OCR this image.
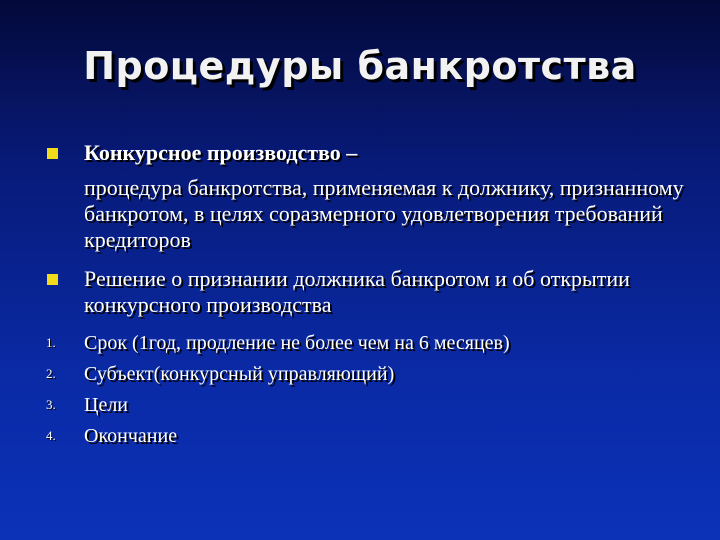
Процедуры банкротства
Конкурсное производство –
процедура банкротства, применяемая к должнику, признанному банкротом, в целях соразмерного удовлетворения требований кредиторов
Решение о признании должника банкротом и об открытии конкурсного производства
1. Срок (1год, продление не более чем на 6 месяцев)
2. Субъект(конкурсный управляющий)
3. Цели
4. Окончание
